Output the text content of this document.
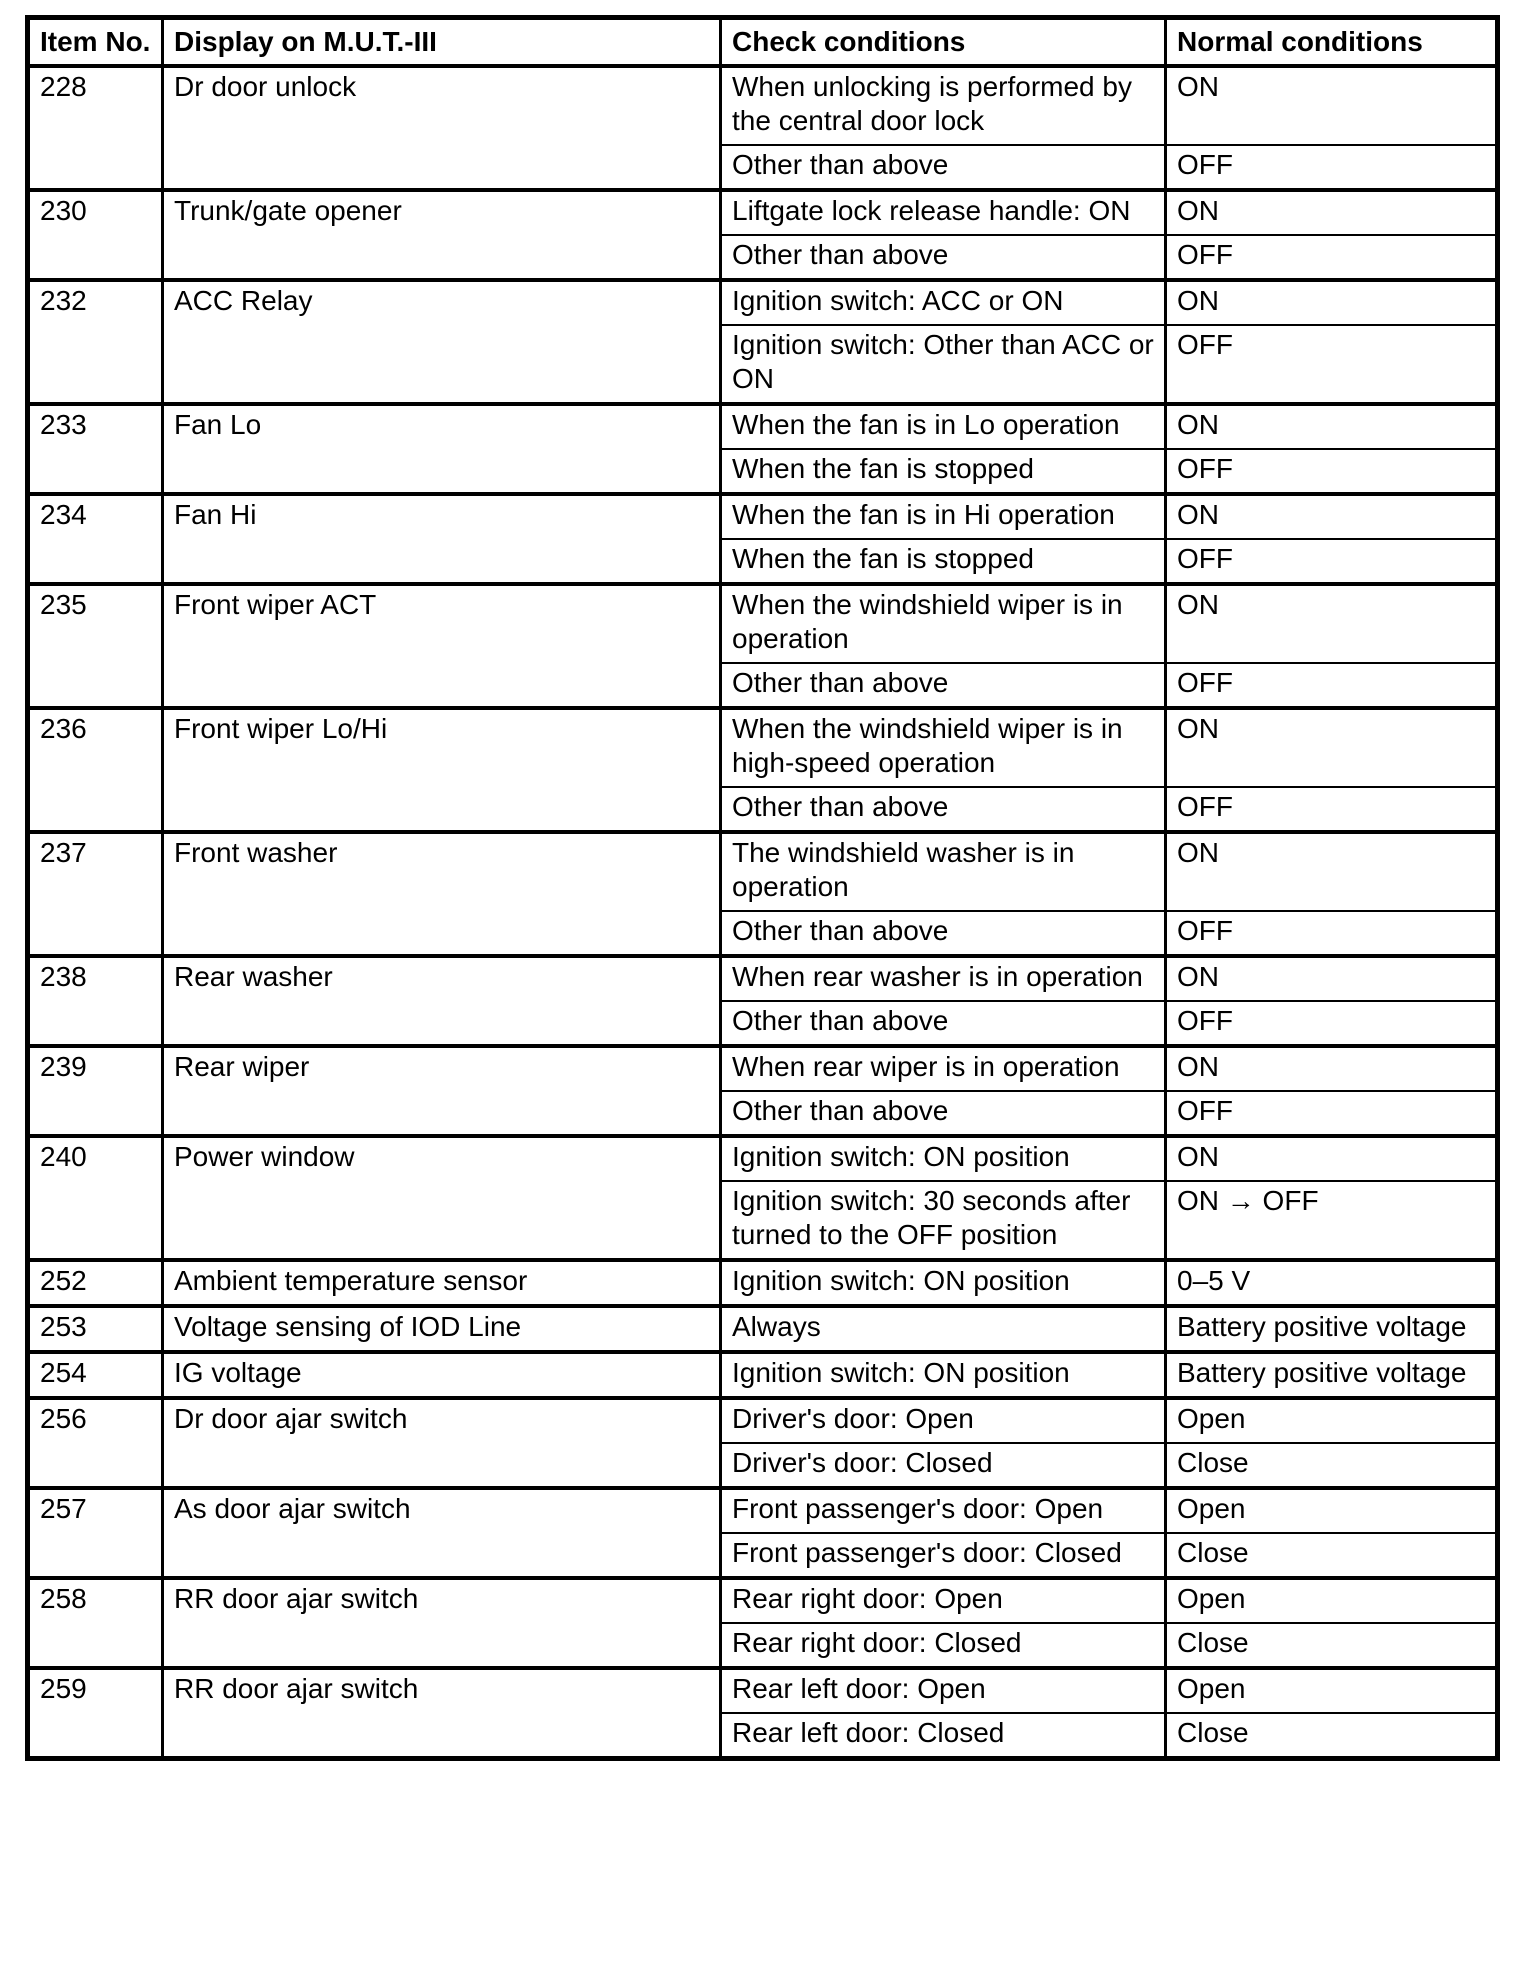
Item No.	Display on M.U.T.-III	Check conditions	Normal conditions
228	Dr door unlock	When unlocking is performed by the central door lock	ON
		Other than above	OFF
230	Trunk/gate opener	Liftgate lock release handle: ON	ON
		Other than above	OFF
232	ACC Relay	Ignition switch: ACC or ON	ON
		Ignition switch: Other than ACC or ON	OFF
233	Fan Lo	When the fan is in Lo operation	ON
		When the fan is stopped	OFF
234	Fan Hi	When the fan is in Hi operation	ON
		When the fan is stopped	OFF
235	Front wiper ACT	When the windshield wiper is in operation	ON
		Other than above	OFF
236	Front wiper Lo/Hi	When the windshield wiper is in high-speed operation	ON
		Other than above	OFF
237	Front washer	The windshield washer is in operation	ON
		Other than above	OFF
238	Rear washer	When rear washer is in operation	ON
		Other than above	OFF
239	Rear wiper	When rear wiper is in operation	ON
		Other than above	OFF
240	Power window	Ignition switch: ON position	ON
		Ignition switch: 30 seconds after turned to the OFF position	ON → OFF
252	Ambient temperature sensor	Ignition switch: ON position	0–5 V
253	Voltage sensing of IOD Line	Always	Battery positive voltage
254	IG voltage	Ignition switch: ON position	Battery positive voltage
256	Dr door ajar switch	Driver's door: Open	Open
		Driver's door: Closed	Close
257	As door ajar switch	Front passenger's door: Open	Open
		Front passenger's door: Closed	Close
258	RR door ajar switch	Rear right door: Open	Open
		Rear right door: Closed	Close
259	RR door ajar switch	Rear left door: Open	Open
		Rear left door: Closed	Close
